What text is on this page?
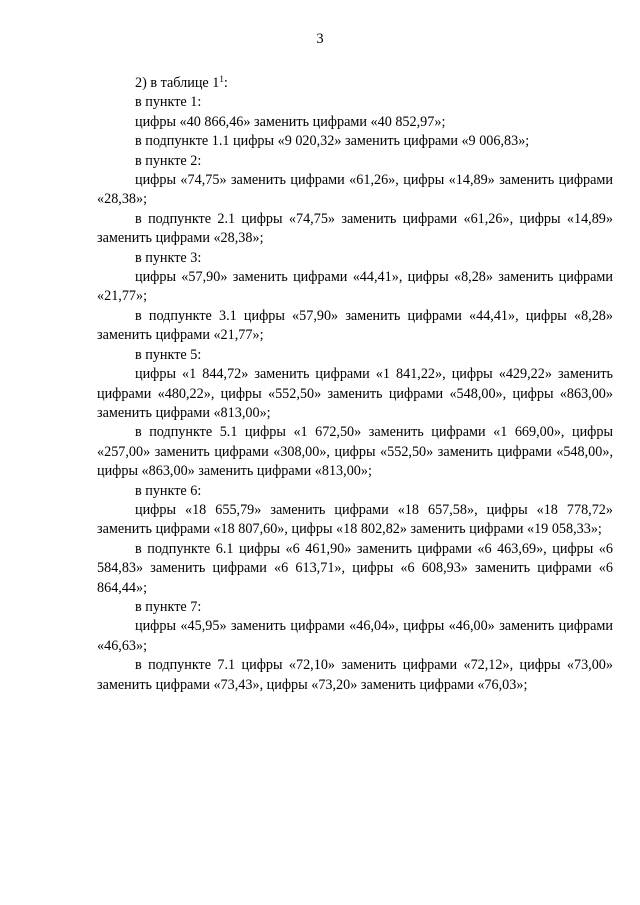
3

2) в таблице $1^1$:

в пункте 1:

цифры «40 866,46» заменить цифрами «40 852,97»;

в подпункте 1.1 цифры «9 020,32» заменить цифрами «9 006,83»;

в пункте 2:

цифры «74,75» заменить цифрами «61,26», цифры «14,89» заменить цифрами «28,38»;

в подпункте 2.1 цифры «74,75» заменить цифрами «61,26», цифры «14,89» заменить цифрами «28,38»;

в пункте 3:

цифры «57,90» заменить цифрами «44,41», цифры «8,28» заменить цифрами «21,77»;

в подпункте 3.1 цифры «57,90» заменить цифрами «44,41», цифры «8,28» заменить цифрами «21,77»;

в пункте 5:

цифры «1 844,72» заменить цифрами «1 841,22», цифры «429,22» заменить цифрами «480,22», цифры «552,50» заменить цифрами «548,00», цифры «863,00» заменить цифрами «813,00»;

в подпункте 5.1 цифры «1 672,50» заменить цифрами «1 669,00», цифры «257,00» заменить цифрами «308,00», цифры «552,50» заменить цифрами «548,00», цифры «863,00» заменить цифрами «813,00»;

в пункте 6:

цифры «18 655,79» заменить цифрами «18 657,58», цифры «18 778,72» заменить цифрами «18 807,60», цифры «18 802,82» заменить цифрами «19 058,33»;

в подпункте 6.1 цифры «6 461,90» заменить цифрами «6 463,69», цифры «6 584,83» заменить цифрами «6 613,71», цифры «6 608,93» заменить цифрами «6 864,44»;

в пункте 7:

цифры «45,95» заменить цифрами «46,04», цифры «46,00» заменить цифрами «46,63»;

в подпункте 7.1 цифры «72,10» заменить цифрами «72,12», цифры «73,00» заменить цифрами «73,43», цифры «73,20» заменить цифрами «76,03»;
